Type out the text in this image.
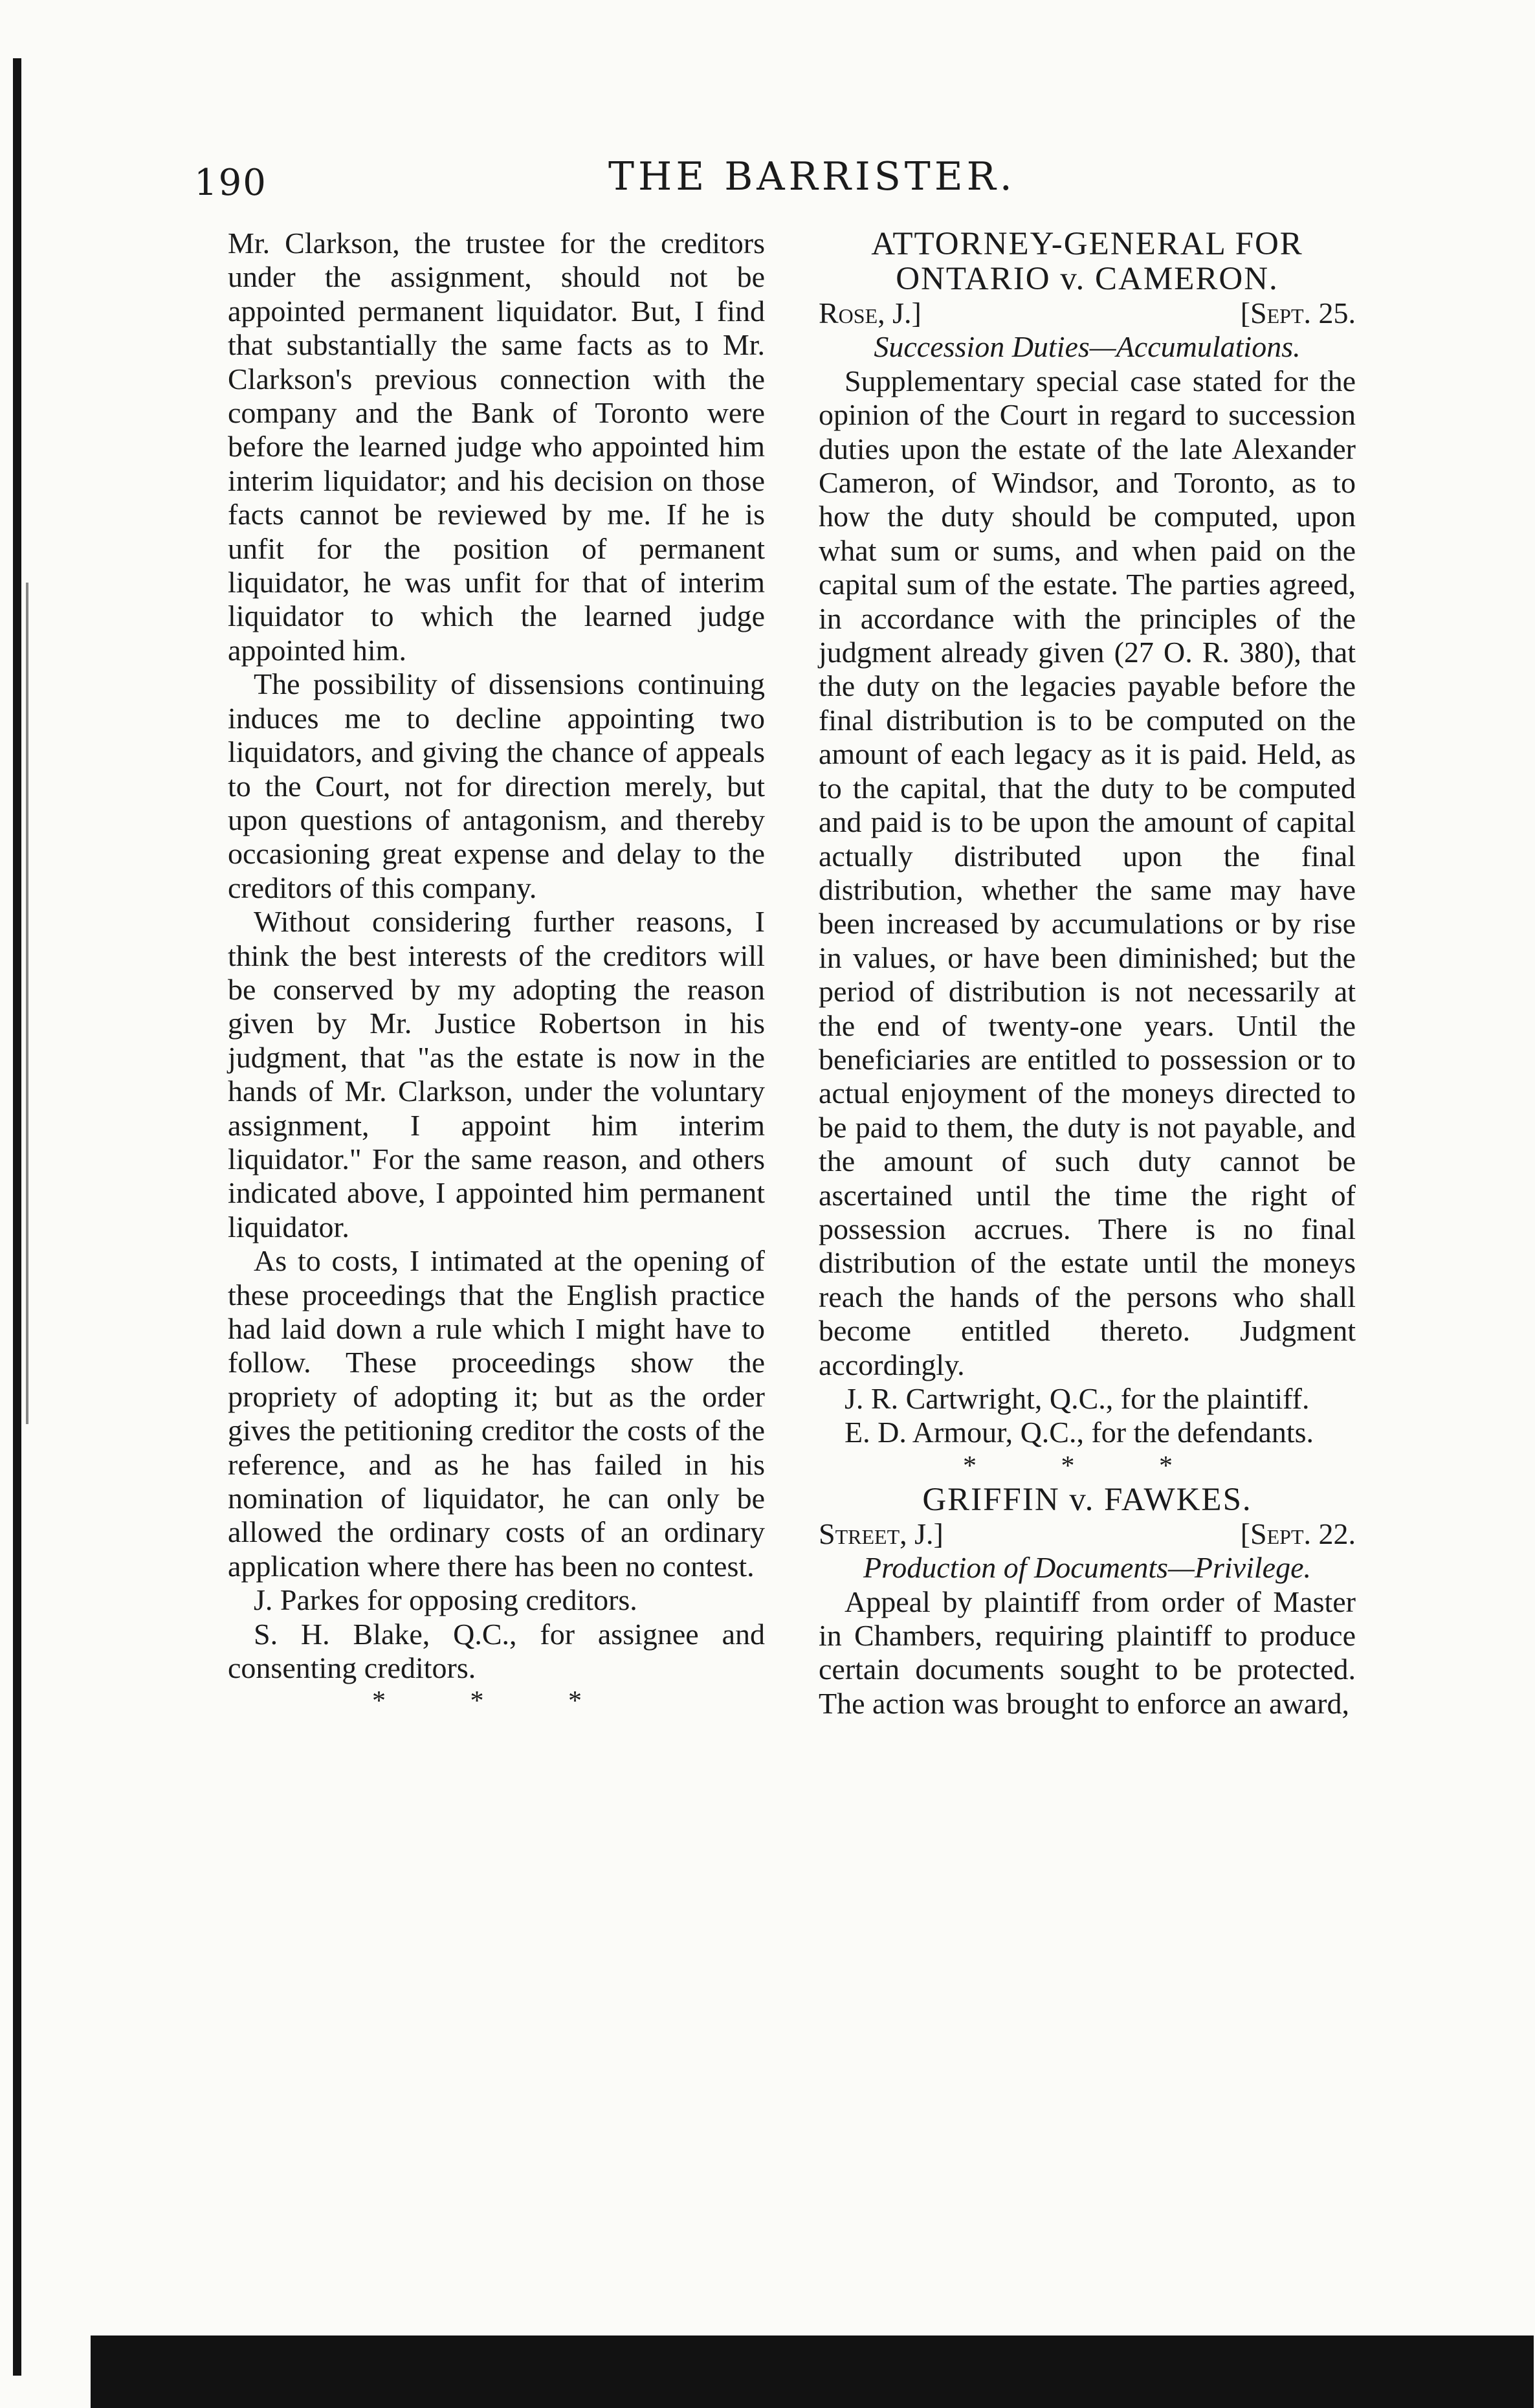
190	THE BARRISTER.

Mr. Clarkson, the trustee for the creditors under the assignment, should not be appointed permanent liquidator. But, I find that substantially the same facts as to Mr. Clarkson's previous connection with the company and the Bank of Toronto were before the learned judge who appointed him interim liquidator; and his decision on those facts cannot be reviewed by me. If he is unfit for the position of permanent liquidator, he was unfit for that of interim liquidator to which the learned judge appointed him.

The possibility of dissensions continuing induces me to decline appointing two liquidators, and giving the chance of appeals to the Court, not for direction merely, but upon questions of antagonism, and thereby occasioning great expense and delay to the creditors of this company.

Without considering further reasons, I think the best interests of the creditors will be conserved by my adopting the reason given by Mr. Justice Robertson in his judgment, that "as the estate is now in the hands of Mr. Clarkson, under the voluntary assignment, I appoint him interim liquidator." For the same reason, and others indicated above, I appointed him permanent liquidator.

As to costs, I intimated at the opening of these proceedings that the English practice had laid down a rule which I might have to follow. These proceedings show the propriety of adopting it; but as the order gives the petitioning creditor the costs of the reference, and as he has failed in his nomination of liquidator, he can only be allowed the ordinary costs of an ordinary application where there has been no contest.

J. Parkes for opposing creditors.

S. H. Blake, Q.C., for assignee and consenting creditors.

* * *

ATTORNEY-GENERAL FOR ONTARIO v. CAMERON.

Rose, J.]	[Sept. 25.

Succession Duties—Accumulations.

Supplementary special case stated for the opinion of the Court in regard to succession duties upon the estate of the late Alexander Cameron, of Windsor, and Toronto, as to how the duty should be computed, upon what sum or sums, and when paid on the capital sum of the estate. The parties agreed, in accordance with the principles of the judgment already given (27 O. R. 380), that the duty on the legacies payable before the final distribution is to be computed on the amount of each legacy as it is paid. Held, as to the capital, that the duty to be computed and paid is to be upon the amount of capital actually distributed upon the final distribution, whether the same may have been increased by accumulations or by rise in values, or have been diminished; but the period of distribution is not necessarily at the end of twenty-one years. Until the beneficiaries are entitled to possession or to actual enjoyment of the moneys directed to be paid to them, the duty is not payable, and the amount of such duty cannot be ascertained until the time the right of possession accrues. There is no final distribution of the estate until the moneys reach the hands of the persons who shall become entitled thereto. Judgment accordingly.

J. R. Cartwright, Q.C., for the plaintiff.

E. D. Armour, Q.C., for the defendants.

* * *

GRIFFIN v. FAWKES.

Street, J.]	[Sept. 22.

Production of Documents—Privilege.

Appeal by plaintiff from order of Master in Chambers, requiring plaintiff to produce certain documents sought to be protected. The action was brought to enforce an award,
